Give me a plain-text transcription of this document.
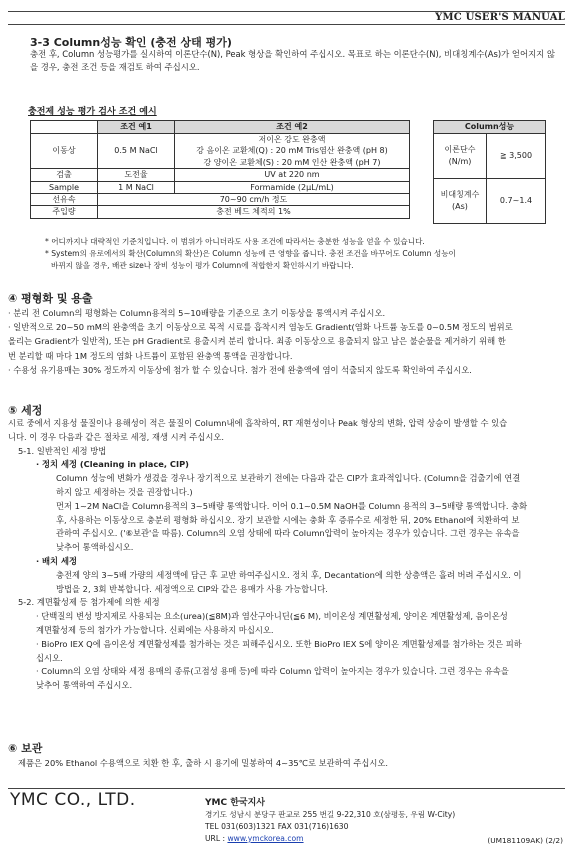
YMC USER'S MANUAL
3-3 Column성능 확인 (충전 상태 평가)
충전 후, Column 성능평가를 실시하여 이론단수(N), Peak 형상을 확인하여 주십시오. 목표로 하는 이론단수(N), 비대칭계수(As)가 얻어지지 않을 경우, 충전 조건 등을 재검토 하여 주십시오.
충전제 성능 평가 검사 조건 예시
	조건 예1	조건 예2
이동상	0.5 M NaCl	저이온 강도 완충액
강 음이온 교환체(Q) : 20 mM Tris염산 완충액 (pH 8)
강 양이온 교환체(S) : 20 mM 인산 완충액 (pH 7)

검출	도전율	UV at 220 nm
Sample	1 M NaCl	Formamide (2μL/mL)
선유속	70~90 cm/h 정도	
주입량	충전 베드 체적의 1%	
Column성능	

이론단수
(N/m)	≧ 3,500

비대칭계수
(As)	0.7~1.4
* 어디까지나 대략적인 기준치입니다. 이 범위가 아니더라도 사용 조건에 따라서는 충분한 성능을 얻을 수 있습니다.
* System의 유로에서의 확산(Column의 확산)은 Column 성능에 큰 영향을 줍니다. 충전 조건을 바꾸어도 Column 성능이
바뀌지 않을 경우, 배관 size나 장비 성능이 평가 Column에 적합한지 확인하시기 바랍니다.
④ 평형화 및 용출
· 분리 전 Column의 평형화는 Column용적의 5~10배량을 기준으로 초기 이동상을 통액시켜 주십시오.
· 일반적으로 20~50 mM의 완충액을 초기 이동상으로 목적 시료를 흡착시켜 염농도 Gradient(염화 나트륨 농도를 0~0.5M 정도의 범위로
올리는 Gradient가 일반적), 또는 pH Gradient로 용출시켜 분리 합니다. 최종 이동상으로 용출되지 않고 남은 불순물을 제거하기 위해 한
번 분리할 때 마다 1M 정도의 염화 나트륨이 포함된 완충액 통액을 권장합니다.
· 수용성 유기용매는 30% 정도까지 이동상에 첨가 할 수 있습니다. 첨가 전에 완충액에 염이 석출되지 않도록 확인하여 주십시오.
⑤ 세정
시료 중에서 지용성 물질이나 용해성이 적은 물질이 Column내에 흡착하여, RT 재현성이나 Peak 형상의 변화, 압력 상승이 발생할 수 있습
니다. 이 경우 다음과 같은 절차로 세정, 재생 시켜 주십시오.
5-1. 일반적인 세정 방법
· 정치 세정 (Cleaning in place, CIP)
Column 성능에 변화가 생겼을 경우나 장기적으로 보관하기 전에는 다음과 같은 CIP가 효과적입니다. (Column을 검출기에 연결
하지 않고 세정하는 것을 권장합니다.)
먼저 1~2M NaCl을 Column용적의 3~5배량 통액합니다. 이어 0.1~0.5M NaOH를 Column 용적의 3~5배량 통액합니다. 충화
후, 사용하는 이동상으로 충분히 평형화 하십시오. 장기 보관할 시에는 충화 후 증류수로 세정한 뒤, 20% Ethanol에 치환하여 보
관하여 주십시오. ('⑥보관'을 따름). Column의 오염 상태에 따라 Column압력이 높아지는 경우가 있습니다. 그런 경우는 유속을
낮추어 통액하십시오.
· 배치 세정
충전제 양의 3~5배 가량의 세정액에 담근 후 교반 하여주십시오. 정치 후, Decantation에 의한 상층액은 흘려 버려 주십시오. 이
방법을 2, 3회 반복합니다. 세정액으로 CIP와 같은 용매가 사용 가능합니다.
5-2. 계면활성제 등 첨가제에 의한 세정
· 단백질의 변성 방지제로 사용되는 요소(urea)(≦8M)과 염산구아니딘(≦6 M), 비이온성 계면활성제, 양이온 계면활성제, 음이온성
계면활성제 등의 첨가가 가능합니다. 신뢰에는 사용하지 마십시오.
· BioPro IEX Q에 음이온성 계면활성제를 첨가하는 것은 피해주십시오. 또한 BioPro IEX S에 양이온 계면활성제를 첨가하는 것은 피하
십시오.
· Column의 오염 상태와 세정 용매의 종류(고점성 용매 등)에 따라 Column 압력이 높아지는 경우가 있습니다. 그런 경우는 유속을
낮추어 통액하여 주십시오.
⑥ 보관
제품은 20% Ethanol 수용액으로 치환 한 후, 출하 시 용기에 밀봉하여 4~35℃로 보관하여 주십시오.
YMC CO., LTD.	YMC 한국지사
경기도 성남시 분당구 판교로 255 번길 9-22,310 호(삼평동, 우림 W-City)
TEL 031(603)1321 FAX 031(716)1630
URL : www.ymckorea.com	(UM181109AK) (2/2)
